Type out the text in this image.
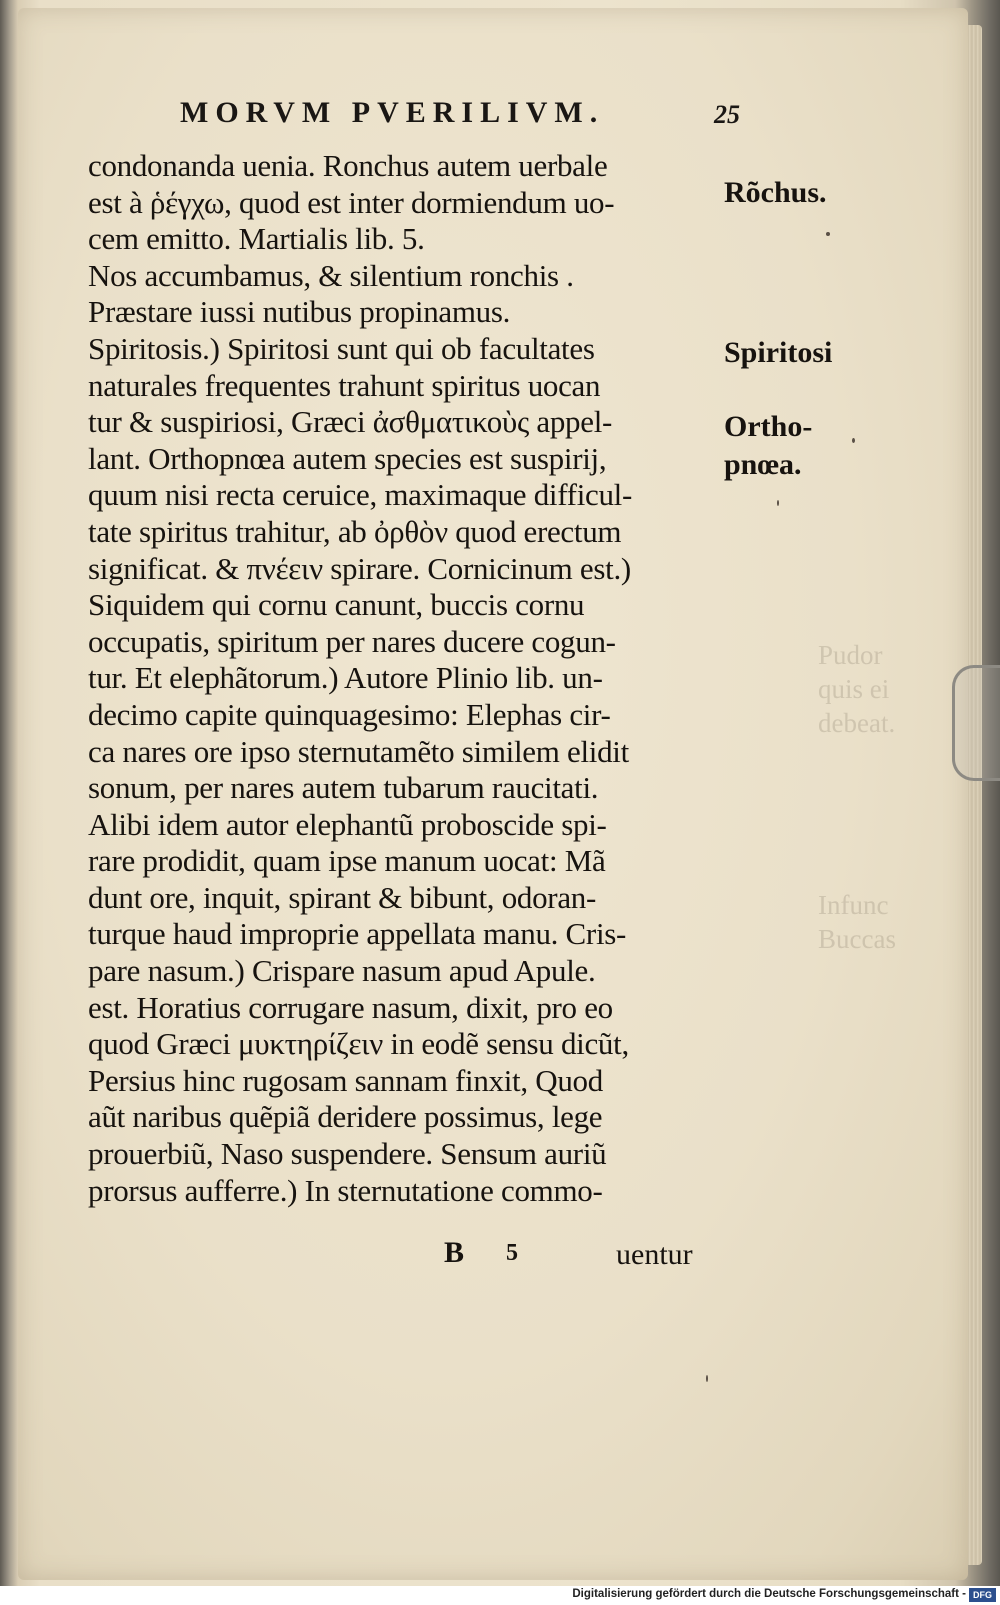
Pudor
quis ei
debeat.
Infunc
Buccas
MORVM PVERILIVM.	25
condonanda uenia. Ronchus autem uerbale
est à ῥέγχω, quod est inter dormiendum uo-
cem emitto. Martialis lib. 5.
Nos accumbamus, & silentium ronchis .
Præstare iussi nutibus propinamus.
Spiritosis.) Spiritosi sunt qui ob facultates
naturales frequentes trahunt spiritus uocan
tur & suspiriosi, Græci ἀσθματικοὺς appel-
lant. Orthopnœa autem species est suspirij,
quum nisi recta ceruice, maximaque difficul-
tate spiritus trahitur, ab ὀρθὸν quod erectum
significat. & πνέειν spirare. Cornicinum est.)
Siquidem qui cornu canunt, buccis cornu
occupatis, spiritum per nares ducere cogun-
tur. Et elephãtorum.) Autore Plinio lib. un-
decimo capite quinquagesimo: Elephas cir-
ca nares ore ipso sternutamẽto similem elidit
sonum, per nares autem tubarum raucitati.
Alibi idem autor elephantũ proboscide spi-
rare prodidit, quam ipse manum uocat: Mã
dunt ore, inquit, spirant & bibunt, odoran-
turque haud improprie appellata manu. Cris-
pare nasum.) Crispare nasum apud Apule.
est. Horatius corrugare nasum, dixit, pro eo
quod Græci μυκτηρίζειν in eodẽ sensu dicũt,
Persius hinc rugosam sannam finxit, Quod
aũt naribus quẽpiã deridere possimus, lege
prouerbiũ, Naso suspendere. Sensum auriũ
prorsus aufferre.) In sternutatione commo-
Rõchus.
Spiritosi
Ortho-
pnœa.
B 5	uentur
Digitalisierung gefördert durch die Deutsche Forschungsgemeinschaft - DFG
